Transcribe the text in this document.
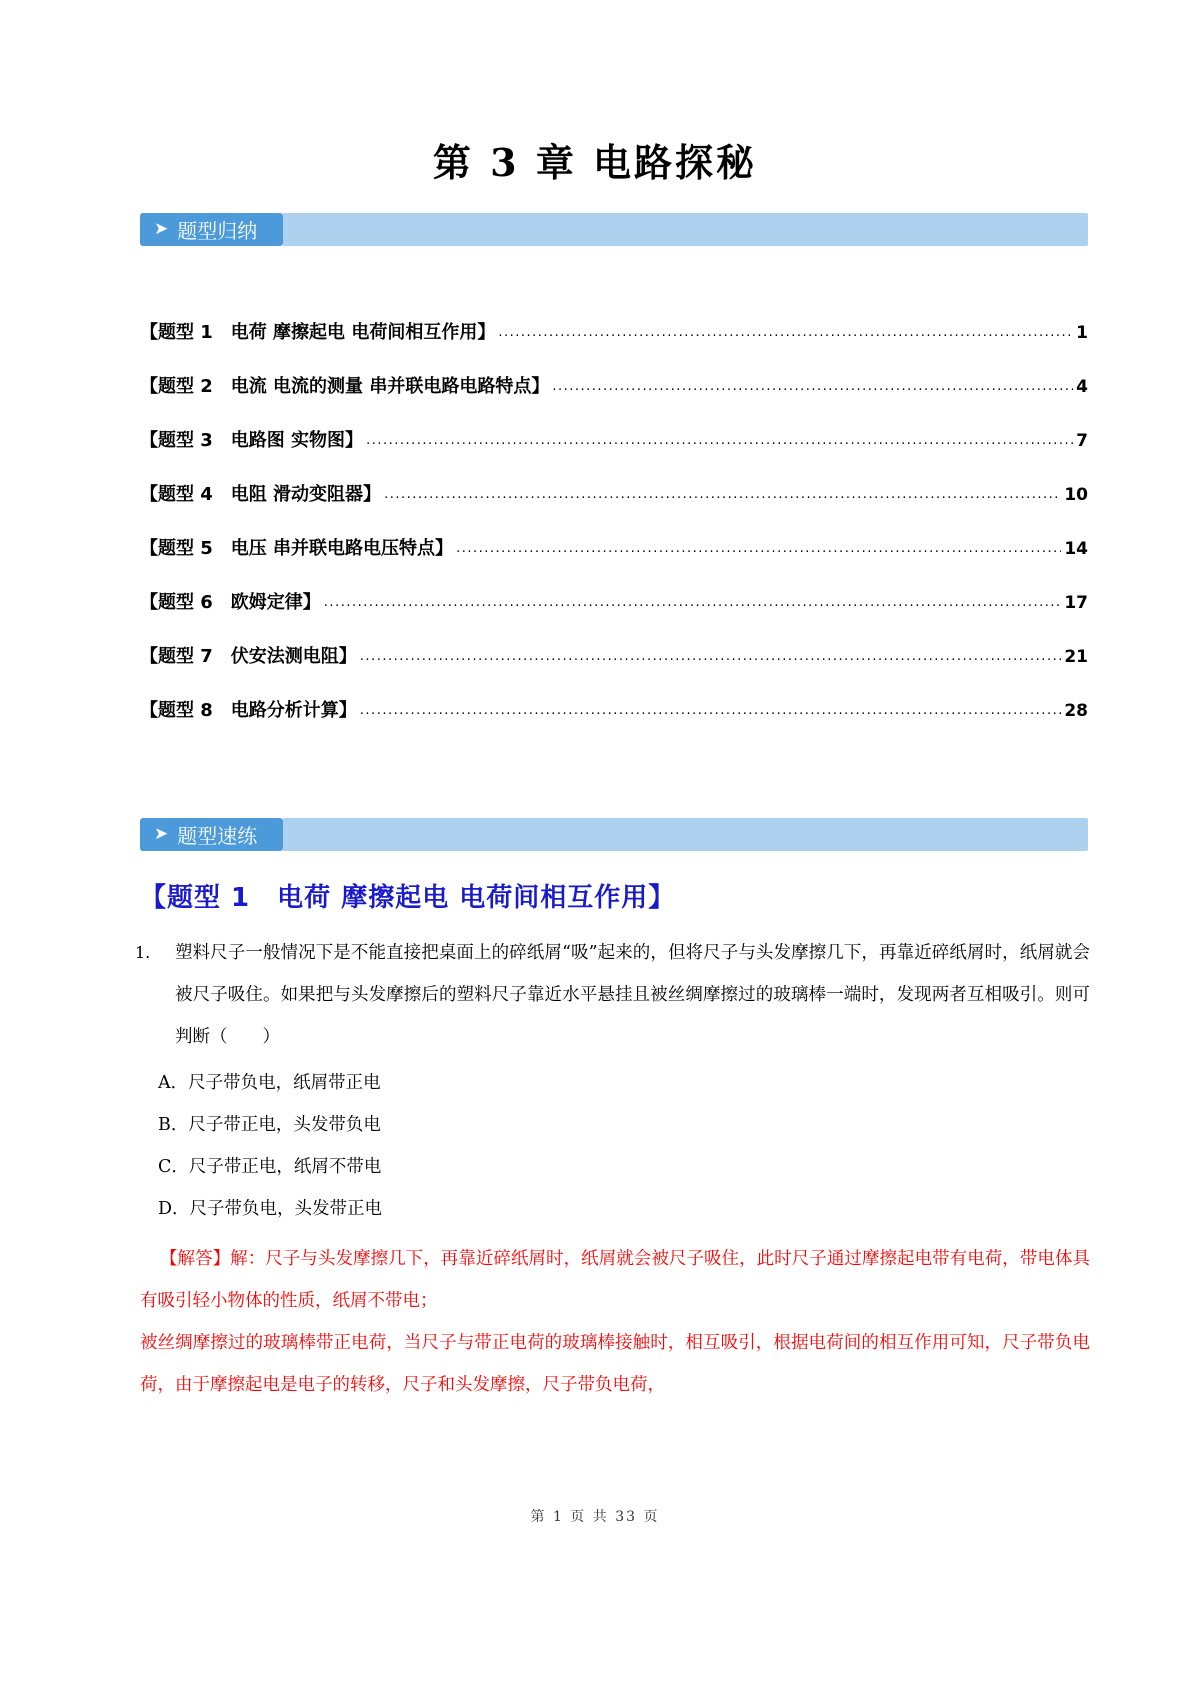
第 3 章 电路探秘
➤ 题型归纳
【题型 1　电荷 摩擦起电 电荷间相互作用】 .....	1
【题型 2　电流 电流的测量 串并联电路电路特点】 .....	4
【题型 3　电路图 实物图】 .....	7
【题型 4　电阻 滑动变阻器】 .....	10
【题型 5　电压 串并联电路电压特点】 .....	14
【题型 6　欧姆定律】 .....	17
【题型 7　伏安法测电阻】 .....	21
【题型 8　电路分析计算】 .....	28
➤ 题型速练
【题型 1　电荷 摩擦起电 电荷间相互作用】
1.	塑料尺子一般情况下是不能直接把桌面上的碎纸屑“吸”起来的，但将尺子与头发摩擦几下，再靠近碎纸屑时，纸屑就会被尺子吸住。如果把与头发摩擦后的塑料尺子靠近水平悬挂且被丝绸摩擦过的玻璃棒一端时，发现两者互相吸引。则可判断（　　）
A．尺子带负电，纸屑带正电
B．尺子带正电，头发带负电
C．尺子带正电，纸屑不带电
D．尺子带负电，头发带正电

【解答】解：尺子与头发摩擦几下，再靠近碎纸屑时，纸屑就会被尺子吸住，此时尺子通过摩擦起电带有电荷，带电体具有吸引轻小物体的性质，纸屑不带电；

被丝绸摩擦过的玻璃棒带正电荷，当尺子与带正电荷的玻璃棒接触时，相互吸引，根据电荷间的相互作用可知，尺子带负电荷，由于摩擦起电是电子的转移，尺子和头发摩擦，尺子带负电荷，

第 1 页 共 33 页
